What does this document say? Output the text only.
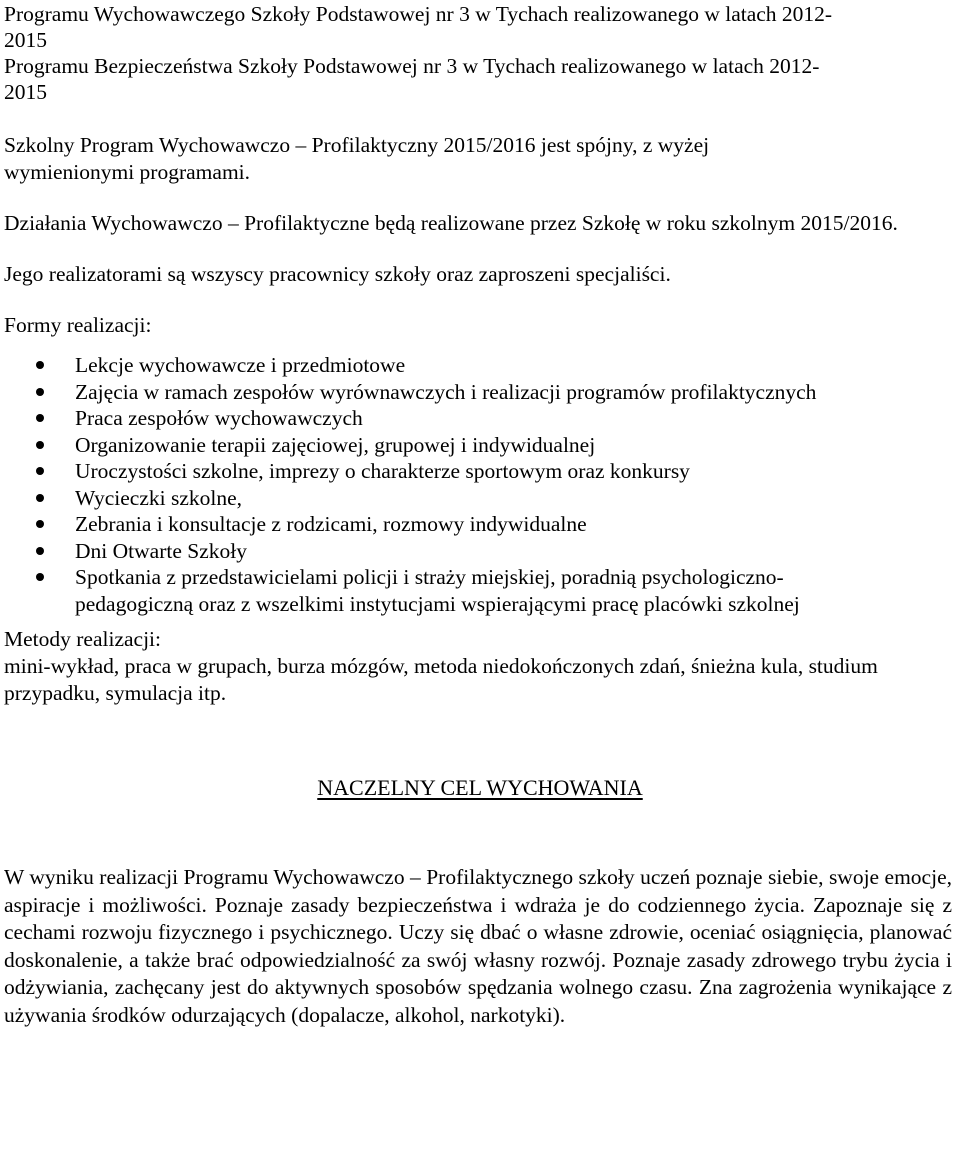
Programu Wychowawczego Szkoły Podstawowej nr 3 w Tychach realizowanego w latach 2012-

2015

Programu Bezpieczeństwa Szkoły Podstawowej nr 3 w Tychach realizowanego w latach 2012-

2015

Szkolny Program Wychowawczo – Profilaktyczny 2015/2016 jest spójny, z wyżej wymienionymi programami.

Działania Wychowawczo – Profilaktyczne będą realizowane przez Szkołę w roku szkolnym 2015/2016.

Jego realizatorami są wszyscy pracownicy szkoły oraz zaproszeni specjaliści.

Formy realizacji:

Lekcje wychowawcze i przedmiotowe
Zajęcia w ramach zespołów wyrównawczych i realizacji programów profilaktycznych
Praca zespołów wychowawczych
Organizowanie terapii zajęciowej, grupowej i indywidualnej
Uroczystości szkolne, imprezy o charakterze sportowym oraz konkursy
Wycieczki szkolne,
Zebrania i konsultacje z rodzicami, rozmowy indywidualne
Dni Otwarte Szkoły
Spotkania z przedstawicielami policji i straży miejskiej, poradnią psychologiczno-pedagogiczną oraz z wszelkimi instytucjami wspierającymi pracę placówki szkolnej

Metody realizacji:

mini-wykład, praca w grupach, burza mózgów, metoda niedokończonych zdań, śnieżna kula, studium przypadku, symulacja itp.

NACZELNY CEL WYCHOWANIA

W wyniku realizacji Programu Wychowawczo – Profilaktycznego szkoły uczeń poznaje siebie, swoje emocje, aspiracje i możliwości. Poznaje zasady bezpieczeństwa i wdraża je do codziennego życia. Zapoznaje się z cechami rozwoju fizycznego i psychicznego. Uczy się dbać o własne zdrowie, oceniać osiągnięcia, planować doskonalenie, a także brać odpowiedzialność za swój własny rozwój. Poznaje zasady zdrowego trybu życia i odżywiania, zachęcany jest do aktywnych sposobów spędzania wolnego czasu. Zna zagrożenia wynikające z używania środków odurzających (dopalacze, alkohol, narkotyki).
